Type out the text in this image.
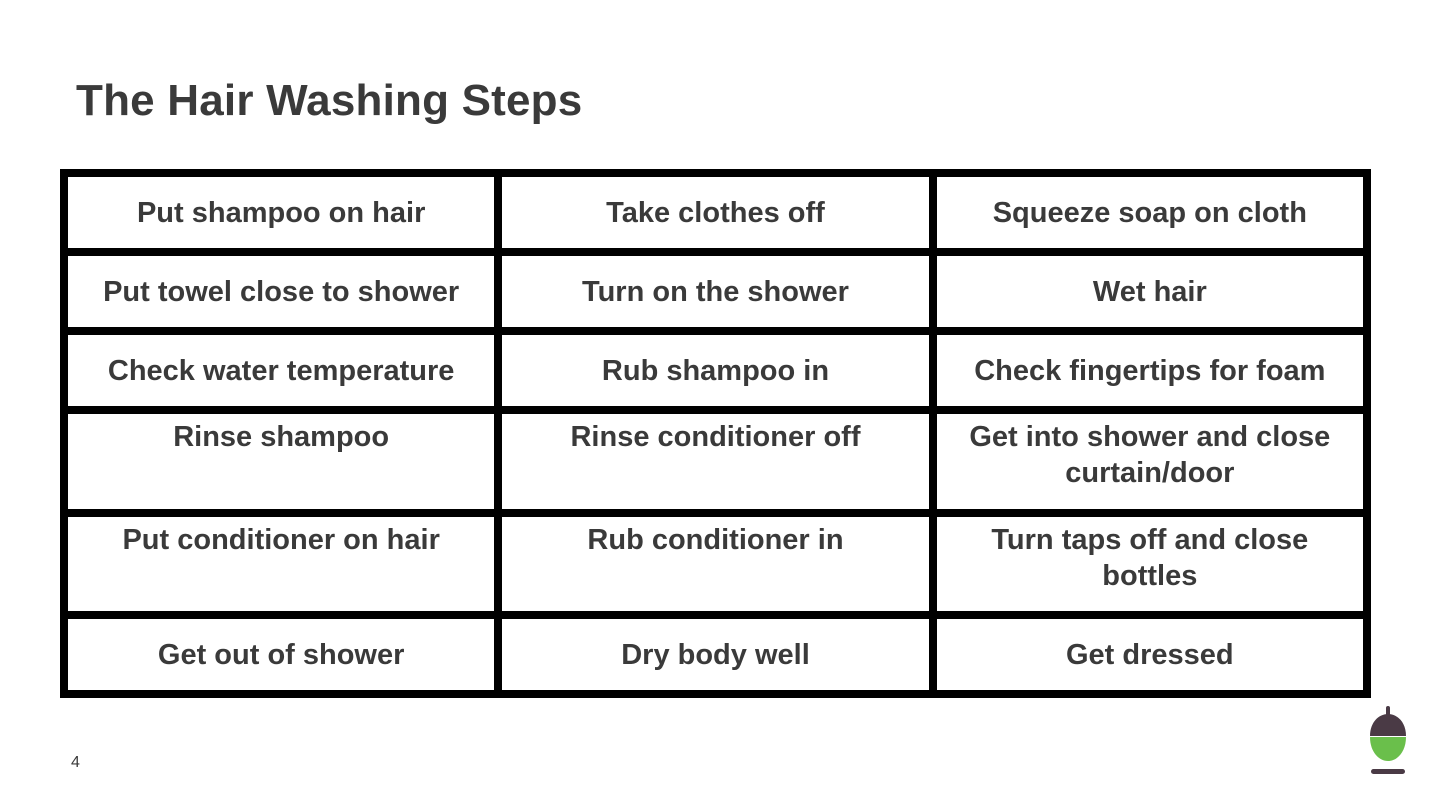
The Hair Washing Steps
Put shampoo on hair	Take clothes off	Squeeze soap on cloth
Put towel close to shower	Turn on the shower	Wet hair
Check water temperature	Rub shampoo in	Check fingertips for foam
Rinse shampoo	Rinse conditioner off	Get into shower and close curtain/door

Put conditioner on hair	Rub conditioner in	Turn taps off and close bottles

Get out of shower	Dry body well	Get dressed
4
